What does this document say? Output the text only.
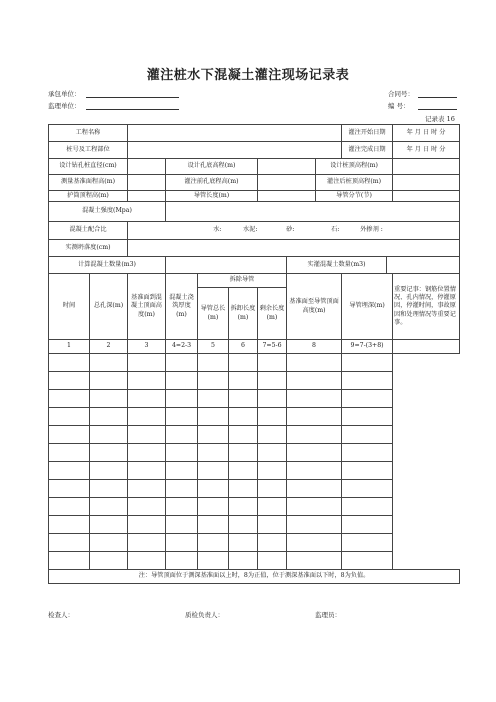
灌注桩水下混凝土灌注现场记录表
承包单位：
监理单位：
合同号：
编 号：
记录表 16
工程名称									灌注开始日期		年 月 日 时 分
桩号及工程部位									灌注完成日期		年 月 日 时 分
设计钻孔桩直径(cm)			设计孔底高程(m)					设计桩顶高程(m)			
测量基准面程高(m)			灌注前孔底程高(m)					灌注后桩顶高程(m)			
护筒顶程高(m)			导管长度(m)					导管分节(节)			
混凝土强度(Mpa)											
混凝土配合比		水: 水泥: 砂: 石: 外掺剂 :									
实测坍落度(cm)											
计算混凝土数量(m3)							实灌混凝土数量(m3)				
时间	总孔深(m)	基准面到混凝土顶面高度(m)	混凝土浇筑厚度(m)	拆除导管			基准面至导管顶面高度(m)		导管埋深(m)		重要记事：钢筋位置情况、孔内情况，停灌原因，停灌时间，事故原因和处理情况等重要记事。
				导管总长(m)	拆卸长度(m)	剩余长度(m)					
1	2	3	4=2-3	5	6	7=5-6	8		9=7-(3+8)		

注：导管顶面位于测深基准面以上时，8为正值，位于测深基准面以下时，8为负值。											
检查人：	质检负责人：	监理员：
